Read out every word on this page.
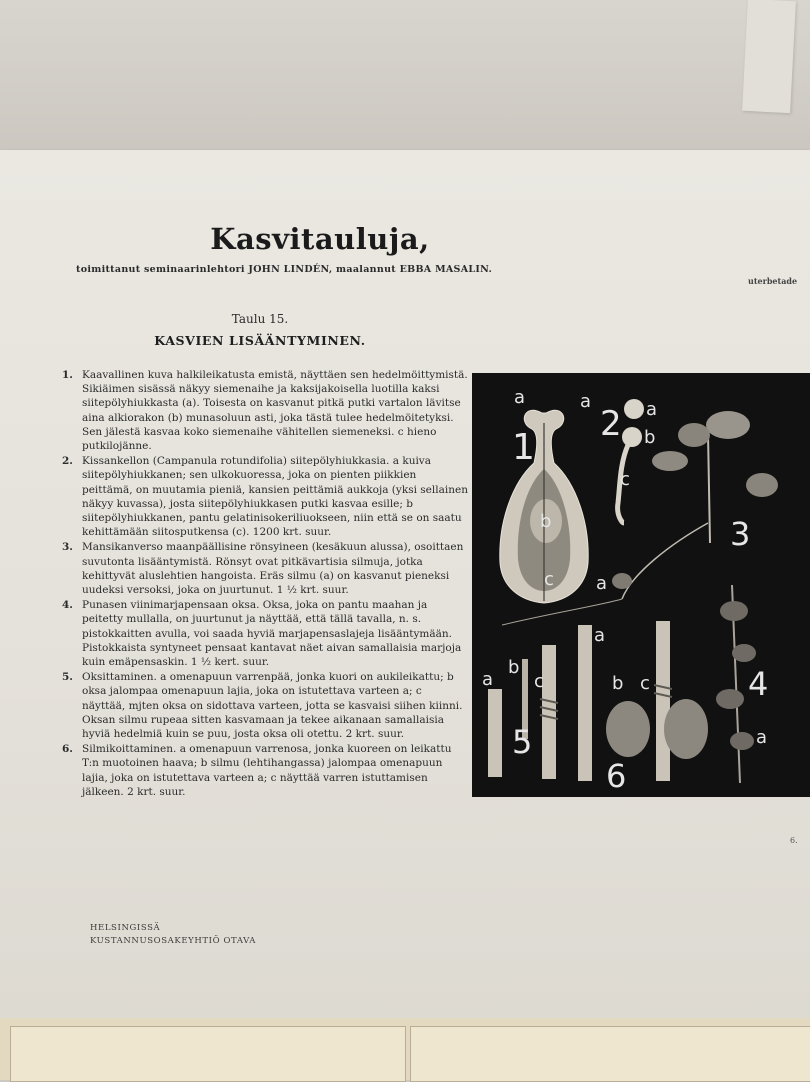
Kasvitauluja,
toimittanut seminaarinlehtori JOHN LINDÉN, maalannut EBBA MASALIN.
uterbetade
Taulu 15.
KASVIEN LISÄÄNTYMINEN.
1. Kaavallinen kuva halkileikatusta emistä, näyttäen sen hedelmöittymistä. Sikiäimen sisässä näkyy siemenaihe ja kaksijakoisella luotilla kaksi siitepölyhiukkasta (a). Toisesta on kasvanut pitkä putki vartalon lävitse aina alkiorakon (b) munasoluun asti, joka tästä tulee hedelmöitetyksi. Sen jälestä kasvaa koko siemenaihe vähitellen siemeneksi. c hieno putkilojänne.
2. Kissankellon (Campanula rotundifolia) siitepölyhiukkasia. a kuiva siitepölyhiukkanen; sen ulkokuoressa, joka on pienten piikkien peittämä, on muutamia pieniä, kansien peittämiä aukkoja (yksi sellainen näkyy kuvassa), josta siitepölyhiukkasen putki kasvaa esille; b siitepölyhiukkanen, pantu gelatinisokeriliuokseen, niin että se on saatu kehittämään siitosputkensa (c). 1200 krt. suur.
3. Mansikanverso maanpäällisine rönsyineen (kesäkuun alussa), osoittaen suvutonta lisääntymistä. Rönsyt ovat pitkävartisia silmuja, jotka kehittyvät aluslehtien hangoista. Eräs silmu (a) on kasvanut pieneksi uudeksi versoksi, joka on juurtunut. 1 ½ krt. suur.
4. Punasen viinimarjapensaan oksa. Oksa, joka on pantu maahan ja peitetty mullalla, on juurtunut ja näyttää, että tällä tavalla, n. s. pistokkaitten avulla, voi saada hyviä marjapensaslajeja lisääntymään. Pistokkaista syntyneet pensaat kantavat näet aivan samallaisia marjoja kuin emäpensaskin. 1 ½ kert. suur.
5. Oksittaminen. a omenapuun varrenpää, jonka kuori on aukileikattu; b oksa jalompaa omenapuun lajia, joka on istutettava varteen a; c näyttää, mjten oksa on sidottava varteen, jotta se kasvaisi siihen kiinni. Oksan silmu rupeaa sitten kasvamaan ja tekee aikanaan samallaisia hyviä hedelmiä kuin se puu, josta oksa oli otettu. 2 krt. suur.
6. Silmikoittaminen. a omenapuun varrenosa, jonka kuoreen on leikattu T:n muotoinen haava; b silmu (lehtihangassa) jalompaa omenapuun lajia, joka on istutettava varteen a; c näyttää varren istuttamisen jälkeen. 2 krt. suur.
HELSINGISSÄ
KUSTANNUSOSAKEYHTIÖ OTAVA
6.
1
2
3
4
5
6
a	a
b
c
a
b
c
a
a
b
c
a
b c
a
